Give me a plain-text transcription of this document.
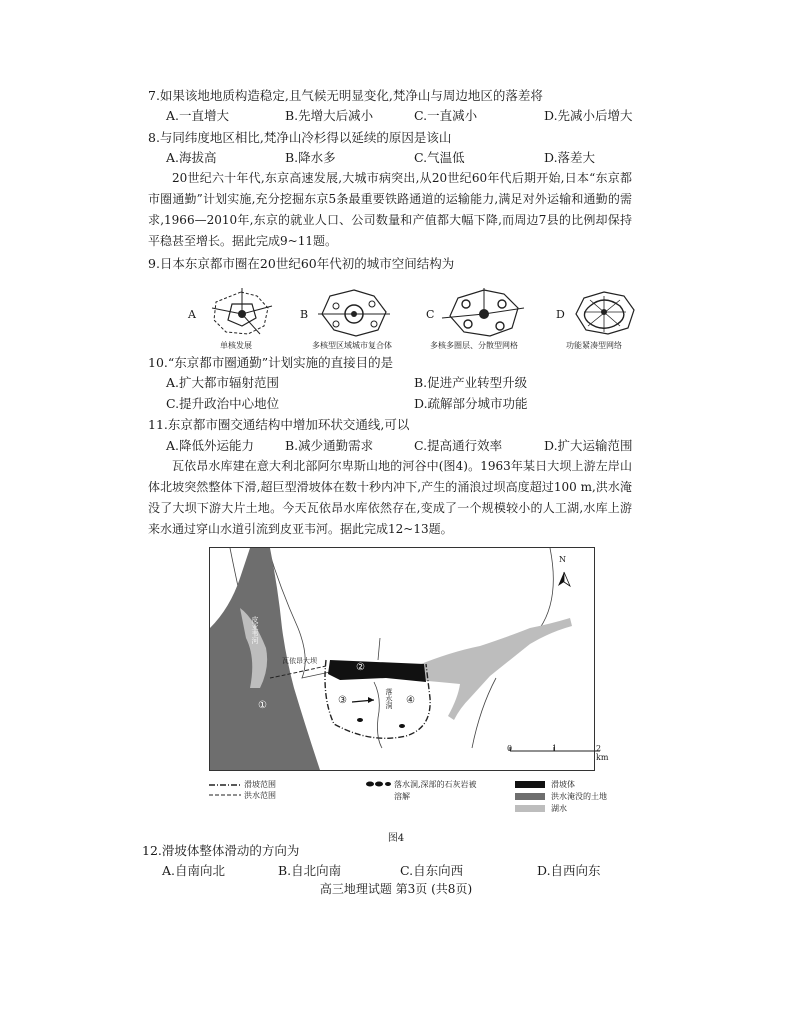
7.如果该地地质构造稳定,且气候无明显变化,梵净山与周边地区的落差将
A.一直增大	B.先增大后减小	C.一直减小	D.先减小后增大
8.与同纬度地区相比,梵净山冷杉得以延续的原因是该山
A.海拔高	B.降水多	C.气温低	D.落差大
20世纪六十年代,东京高速发展,大城市病突出,从20世纪60年代后期开始,日本“东京都市圈通勤”计划实施,充分挖掘东京5条最重要铁路通道的运输能力,满足对外运输和通勤的需求,1966—2010年,东京的就业人口、公司数量和产值都大幅下降,而周边7县的比例却保持平稳甚至增长。据此完成9~11题。
9.日本东京都市圈在20世纪60年代初的城市空间结构为
A
单核发展
B
多核型区域城市复合体
C
多核多圈层、分散型网格
D
功能紧凑型网络
10.“东京都市圈通勤”计划实施的直接目的是
A.扩大都市辐射范围	B.促进产业转型升级
C.提升政治中心地位	D.疏解部分城市功能
11.东京都市圈交通结构中增加环状交通线,可以
A.降低外运能力 B.减少通勤需求	C.提高通行效率	D.扩大运输范围
瓦依昂水库建在意大利北部阿尔卑斯山地的河谷中(图4)。1963年某日大坝上游左岸山体北坡突然整体下滑,超巨型滑坡体在数十秒内冲下,产生的涌浪过坝高度超过100 m,洪水淹没了大坝下游大片土地。今天瓦依昂水库依然存在,变成了一个规模较小的人工湖,水库上游来水通过穿山水道引流到皮亚韦河。据此完成12~13题。
N
皮亚韦河
瓦依昂大坝
①
②
③	④
落水洞
0	1	2 km
滑坡范围
洪水范围
落水洞,深部的石灰岩被溶解
滑坡体
洪水淹没的土地
湖水
图4
12.滑坡体整体滑动的方向为
A.自南向北	B.自北向南	C.自东向西	D.自西向东
高三地理试题 第3页 (共8页)
